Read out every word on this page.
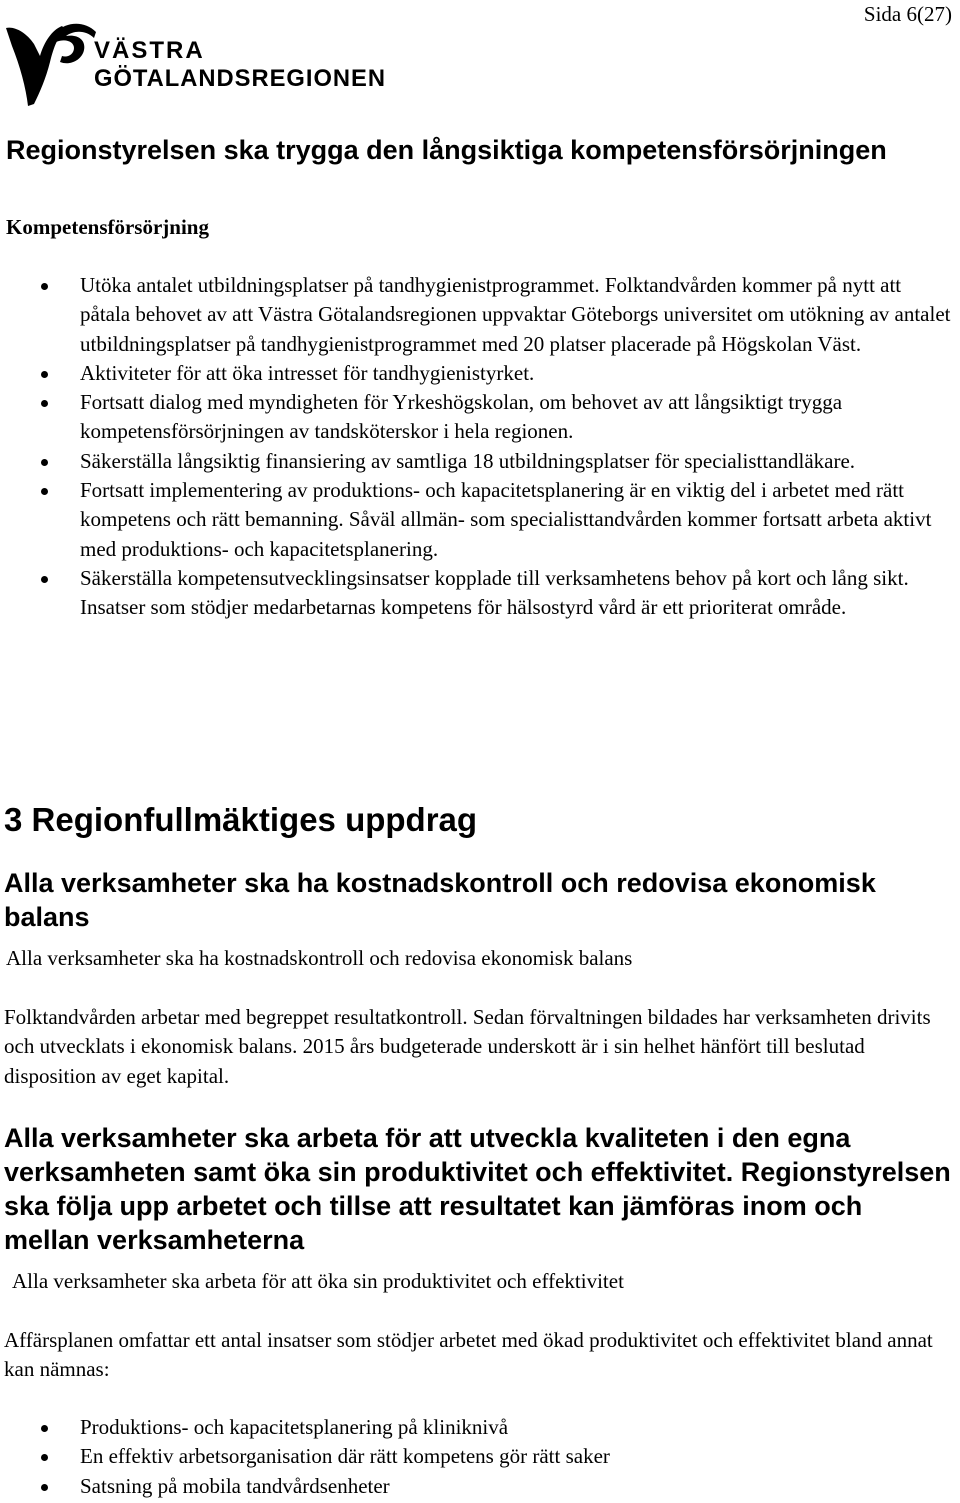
Sida 6(27)
VÄSTRA
GÖTALANDSREGIONEN
Regionstyrelsen ska trygga den långsiktiga kompetensförsörjningen
Kompetensförsörjning
Utöka antalet utbildningsplatser på tandhygienistprogrammet. Folktandvården kommer på nytt att påtala behovet av att Västra Götalandsregionen uppvaktar Göteborgs universitet om utökning av antalet utbildningsplatser på tandhygienistprogrammet med 20 platser placerade på Högskolan Väst.
Aktiviteter för att öka intresset för tandhygienistyrket.
Fortsatt dialog med myndigheten för Yrkeshögskolan, om behovet av att långsiktigt trygga kompetensförsörjningen av tandsköterskor i hela regionen.
Säkerställa långsiktig finansiering av samtliga 18 utbildningsplatser för specialisttandläkare.
Fortsatt implementering av produktions- och kapacitetsplanering är en viktig del i arbetet med rätt kompetens och rätt bemanning. Såväl allmän- som specialisttandvården kommer fortsatt arbeta aktivt med produktions- och kapacitetsplanering.
Säkerställa kompetensutvecklingsinsatser kopplade till verksamhetens behov på kort och lång sikt. Insatser som stödjer medarbetarnas kompetens för hälsostyrd vård är ett prioriterat område.
3 Regionfullmäktiges uppdrag
Alla verksamheter ska ha kostnadskontroll och redovisa ekonomisk balans
Alla verksamheter ska ha kostnadskontroll och redovisa ekonomisk balans
Folktandvården arbetar med begreppet resultatkontroll. Sedan förvaltningen bildades har verksamheten drivits och utvecklats i ekonomisk balans. 2015 års budgeterade underskott är i sin helhet hänfört till beslutad disposition av eget kapital.
Alla verksamheter ska arbeta för att utveckla kvaliteten i den egna verksamheten samt öka sin produktivitet och effektivitet. Regionstyrelsen ska följa upp arbetet och tillse att resultatet kan jämföras inom och mellan verksamheterna
Alla verksamheter ska arbeta för att öka sin produktivitet och effektivitet
Affärsplanen omfattar ett antal insatser som stödjer arbetet med ökad produktivitet och effektivitet bland annat kan nämnas:
Produktions- och kapacitetsplanering på kliniknivå
En effektiv arbetsorganisation där rätt kompetens gör rätt saker
Satsning på mobila tandvårdsenheter
